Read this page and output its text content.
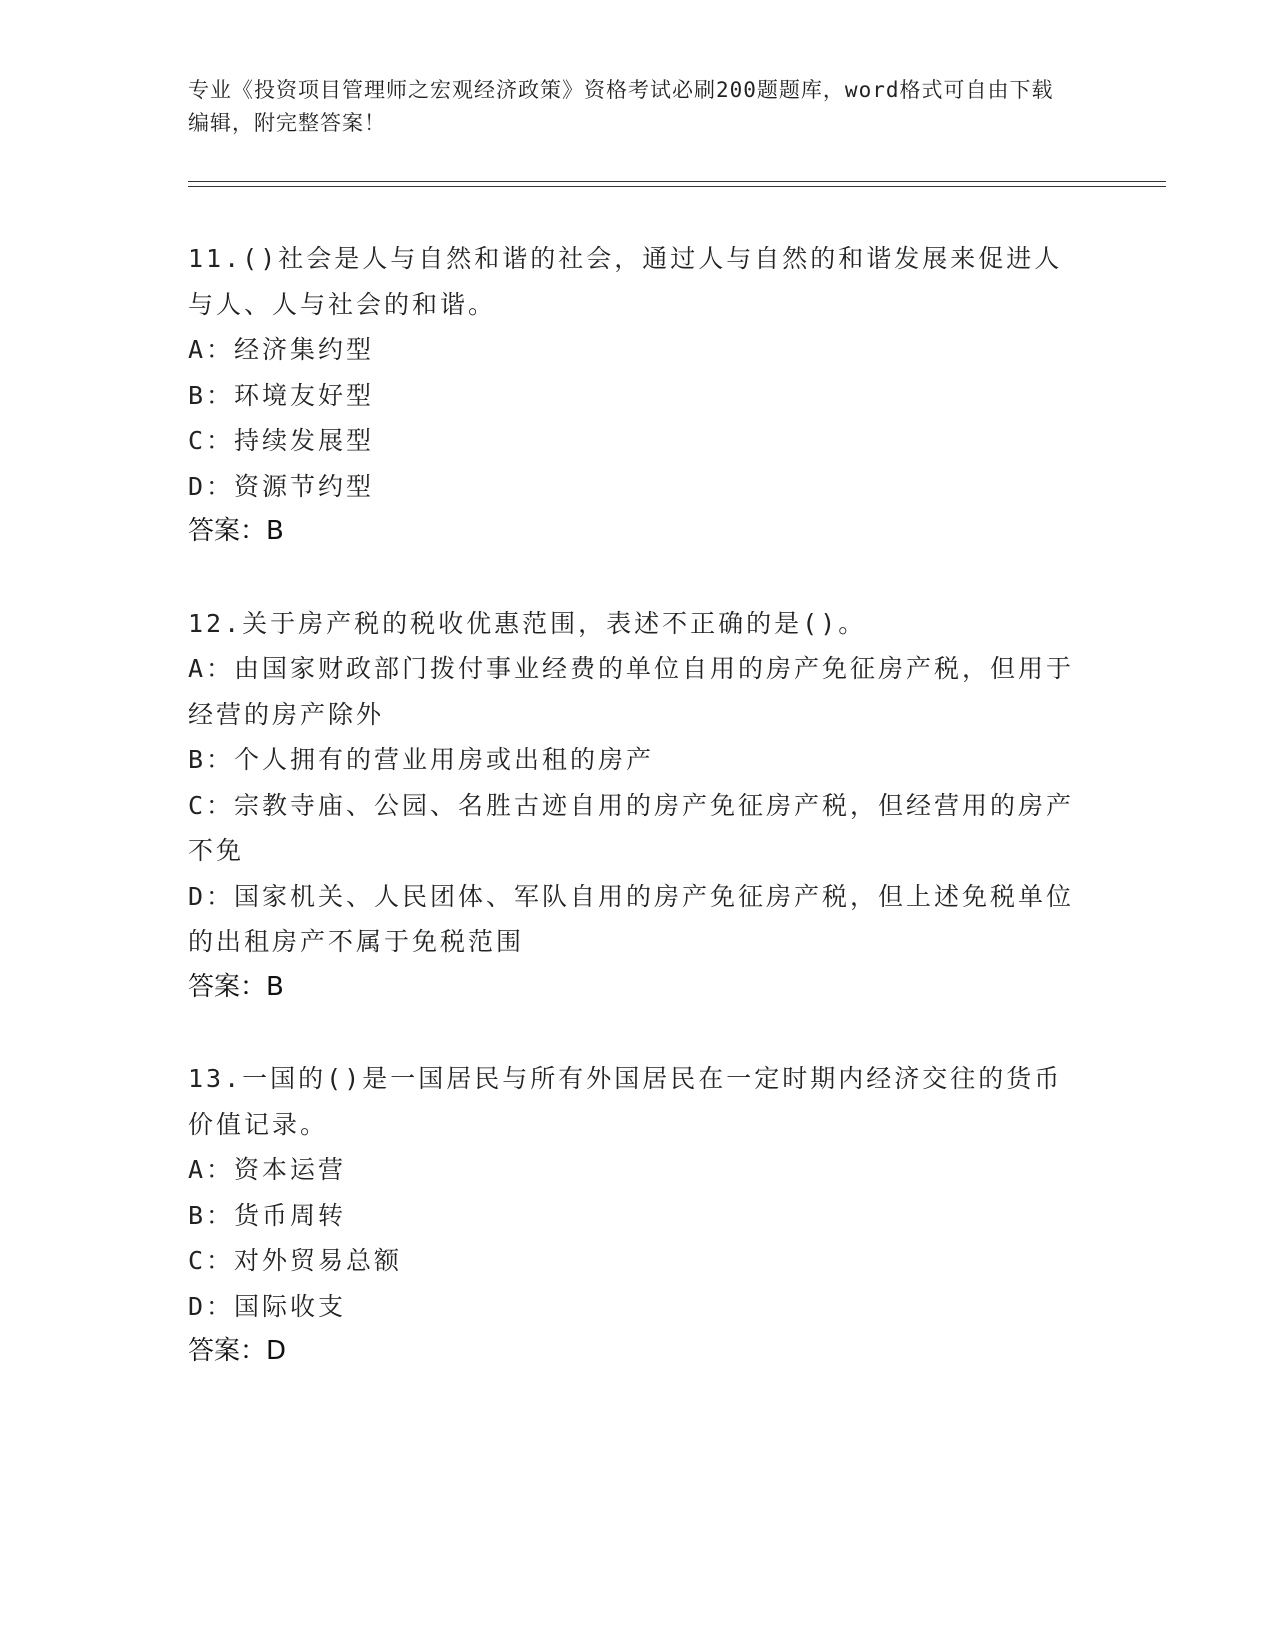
专业《投资项目管理师之宏观经济政策》资格考试必刷200题题库，word格式可自由下载编辑，附完整答案！
11.()社会是人与自然和谐的社会，通过人与自然的和谐发展来促进人与人、人与社会的和谐。
A：经济集约型
B：环境友好型
C：持续发展型
D：资源节约型
答案：B
12.关于房产税的税收优惠范围，表述不正确的是()。
A：由国家财政部门拨付事业经费的单位自用的房产免征房产税，但用于经营的房产除外
B：个人拥有的营业用房或出租的房产
C：宗教寺庙、公园、名胜古迹自用的房产免征房产税，但经营用的房产不免
D：国家机关、人民团体、军队自用的房产免征房产税，但上述免税单位的出租房产不属于免税范围
答案：B
13.一国的()是一国居民与所有外国居民在一定时期内经济交往的货币价值记录。
A：资本运营
B：货币周转
C：对外贸易总额
D：国际收支
答案：D
